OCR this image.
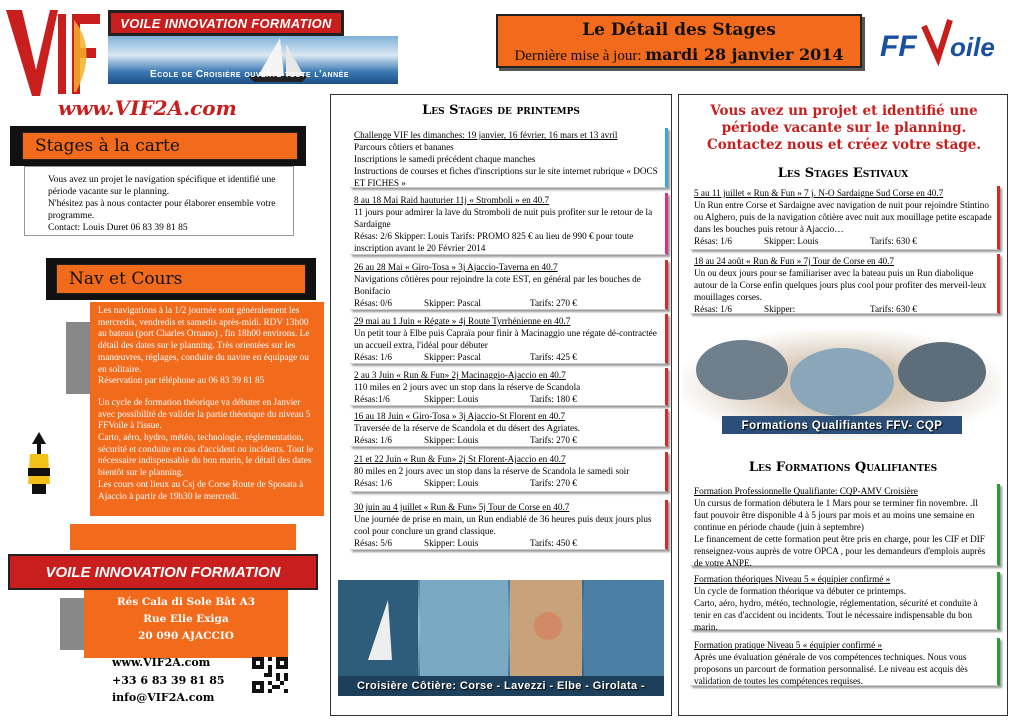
VOILE INNOVATION FORMATION
Ecole de Croisière ouverte toute l'année
Le Détail des Stages
Dernière mise à jour: mardi 28 janvier 2014	FF oile
www.VIF2A.com
Stages à la carte
Vous avez un projet le navigation spécifique et identifié une période vacante sur le planning.
N'hésitez pas à nous contacter pour élaborer ensemble votre programme.
Contact: Louis Duret 06 83 39 81 85
Nav et Cours
Les navigations à la 1/2 journée sont généralement les mercredis, vendredis et samedis après-midi. RDV 13h00 au bateau (port Charles Ornano) , fin 18h00 environs. Le détail des dates sur le planning. Très orientées sur les manœuvres, réglages, conduite du navire en équipage ou en solitaire.
Réservation par téléphone au 06 83 39 81 85
Un cycle de formation théorique va débuter en Janvier avec possibilité de valider la partie théorique du niveau 5 FFVoile à l'issue.
Carto, aéro, hydro, météo, technologie, réglementation, sécurité et conduite en cas d'accident ou incidents. Tout le nécessaire indispensable du bon marin, le détail des dates bientôt sur le planning.
Les cours ont lieux au Csj de Corse Route de Sposata à Ajaccio à partir de 19h30 le mercredi.
VOILE INNOVATION FORMATION
Rés Cala di Sole Bât A3
Rue Elie Exiga
20 090 AJACCIO
www.VIF2A.com
+33 6 83 39 81 85
info@VIF2A.com
Les Stages de printemps
Challenge VIF les dimanches: 19 janvier, 16 février, 16 mars et 13 avril
Parcours côtiers et bananes
Inscriptions le samedi précédent chaque manches
Instructions de courses et fiches d'inscriptions sur le site internet rubrique « DOCS ET FICHES »
8 au 18 Mai Raid hauturier 11j « Stromboli » en 40.7
11 jours pour admirer la lave du Stromboli de nuit puis profiter sur le retour de la Sardaigne
Résas: 2/6 Skipper: Louis Tarifs: PROMO 825 € au lieu de 990 € pour toute inscription avant le 20 Février 2014
26 au 28 Mai « Giro-Tosa » 3j Ajaccio-Taverna en 40.7
Navigations côtières pour rejoindre la cote EST, en général par les bouches de Bonifacio
Résas: 0/6	Skipper: Pascal	Tarifs: 270 €
29 mai au 1 Juin « Régate » 4j Route Tyrrhénienne en 40.7
Un petit tour à Elbe puis Capraïa pour finir à Macinaggio une régate dé-contractée un accueil extra, l'idéal pour débuter
Résas: 1/6	Skipper: Pascal	Tarifs: 425 €
2 au 3 Juin « Run & Fun» 2j Macinaggio-Ajaccio en 40.7
110 miles en 2 jours avec un stop dans la réserve de Scandola
Résas:1/6	Skipper: Louis	Tarifs: 180 €
16 au 18 Juin « Giro-Tosa » 3j Ajaccio-St Florent en 40.7
Traversée de la réserve de Scandola et du désert des Agriates.
Résas: 1/6	Skipper: Louis	Tarifs: 270 €
21 et 22 Juin « Run & Fun» 2j St Florent-Ajaccio en 40.7
80 miles en 2 jours avec un stop dans la réserve de Scandola le samedi soir
Résas: 1/6	Skipper: Louis	Tarifs: 270 €
30 juin au 4 juillet « Run & Fun» 5j Tour de Corse en 40.7
Une journée de prise en main, un Run endiablé de 36 heures puis deux jours plus cool pour conclure un grand classique.
Résas: 5/6	Skipper: Louis	Tarifs: 450 €
Croisière Côtière: Corse - Lavezzi - Elbe - Girolata -
Vous avez un projet et identifié une période vacante sur le planning. Contactez nous et créez votre stage.
Les Stages Estivaux
5 au 11 juillet « Run & Fun » 7 j. N-O Sardaigne Sud Corse en 40.7
Un Run entre Corse et Sardaigne avec navigation de nuit pour rejoindre Stintino ou Alghero, puis de la navigation côtière avec nuit aux mouillage petite escapade dans les bouches puis retour à Ajaccio…
Résas: 1/6	Skipper: Louis	Tarifs: 630 €
18 au 24 août « Run & Fun » 7j Tour de Corse en 40.7
Un ou deux jours pour se familiariser avec la bateau puis un Run diabolique autour de la Corse enfin quelques jours plus cool pour profiter des merveil-leux mouillages corses.
Résas: 1/6	Skipper:	Tarifs: 630 €
Formations Qualifiantes FFV- CQP
Les Formations Qualifiantes
Formation Professionnelle Qualifiante: CQP-AMV Croisière
Un cursus de formation débutera le 1 Mars pour se terminer fin novembre. .Il faut pouvoir être disponible 4 à 5 jours par mois et au moins une semaine en continue en période chaude (juin à septembre)
Le financement de cette formation peut être pris en charge, pour les CIF et DIF renseignez-vous auprès de votre OPCA , pour les demandeurs d'emplois auprès de votre ANPE.
Formation théoriques Niveau 5 « équipier confirmé »
Un cycle de formation théorique va débuter ce printemps.
Carto, aéro, hydro, météo, technologie, réglementation, sécurité et conduite à tenir en cas d'accident ou incidents. Tout le nécessaire indispensable du bon marin.
Formation pratique Niveau 5 « équipier confirmé »
Après une évaluation générale de vos compétences techniques. Nous vous proposons un parcourt de formation personnalisé. Le niveau est acquis dès validation de toutes les compétences requises.
